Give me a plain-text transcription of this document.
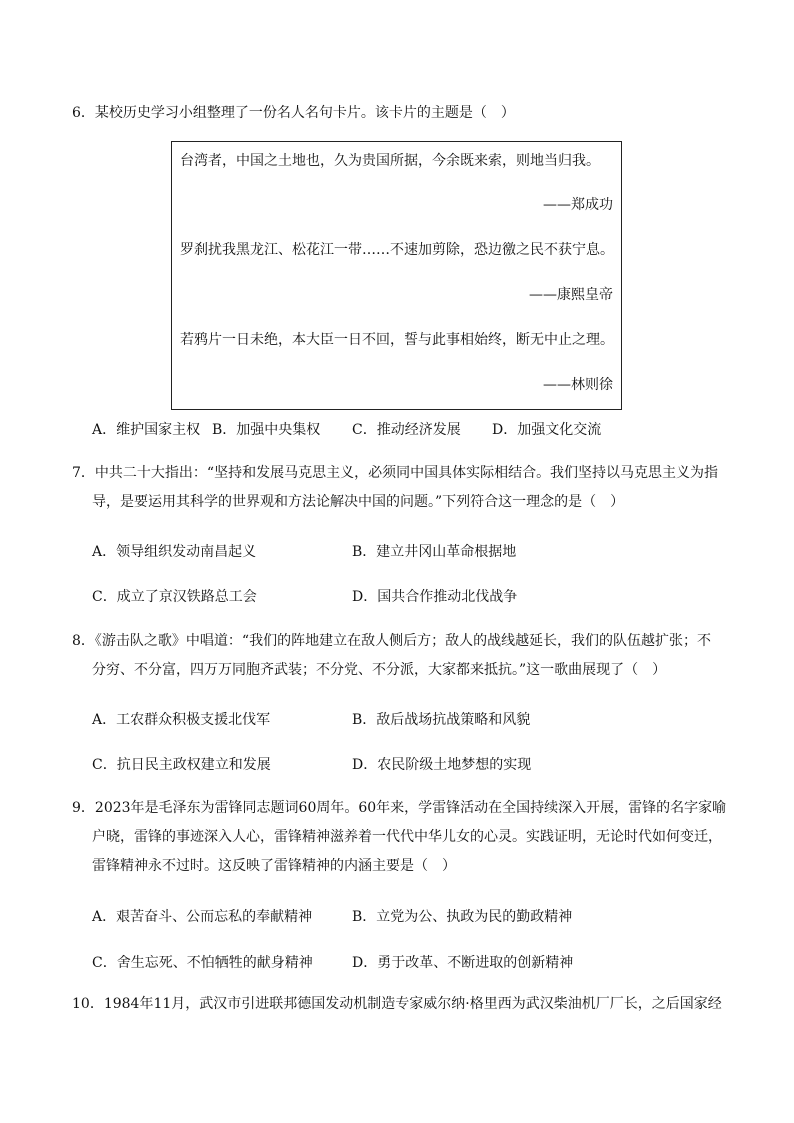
6．某校历史学习小组整理了一份名人名句卡片。该卡片的主题是（　）
台湾者，中国之土地也，久为贵国所据，今余既来索，则地当归我。
——郑成功
罗刹扰我黑龙江、松花江一带……不速加剪除，恐边徼之民不获宁息。
——康熙皇帝
若鸦片一日未绝，本大臣一日不回，誓与此事相始终，断无中止之理。
——林则徐
A．维护国家主权 B．加强中央集权 C．推动经济发展 D．加强文化交流
7．中共二十大指出：“坚持和发展马克思主义，必须同中国具体实际相结合。我们坚持以马克思主义为指
导，是要运用其科学的世界观和方法论解决中国的问题。”下列符合这一理念的是（　）
A．领导组织发动南昌起义	B．建立井冈山革命根据地
C．成立了京汉铁路总工会	D．国共合作推动北伐战争
8．《游击队之歌》中唱道：“我们的阵地建立在敌人侧后方；敌人的战线越延长，我们的队伍越扩张；不
分穷、不分富，四万万同胞齐武装；不分党、不分派，大家都来抵抗。”这一歌曲展现了（　）
A．工农群众积极支援北伐军	B．敌后战场抗战策略和风貌
C．抗日民主政权建立和发展	D．农民阶级土地梦想的实现
9．2023年是毛泽东为雷锋同志题词60周年。60年来，学雷锋活动在全国持续深入开展，雷锋的名字家喻
户晓，雷锋的事迹深入人心，雷锋精神滋养着一代代中华儿女的心灵。实践证明，无论时代如何变迁，
雷锋精神永不过时。这反映了雷锋精神的内涵主要是（　）
A．艰苦奋斗、公而忘私的奉献精神	B．立党为公、执政为民的勤政精神
C．舍生忘死、不怕牺牲的献身精神	D．勇于改革、不断进取的创新精神
10．1984年11月，武汉市引进联邦德国发动机制造专家威尔纳·格里西为武汉柴油机厂厂长，之后国家经
